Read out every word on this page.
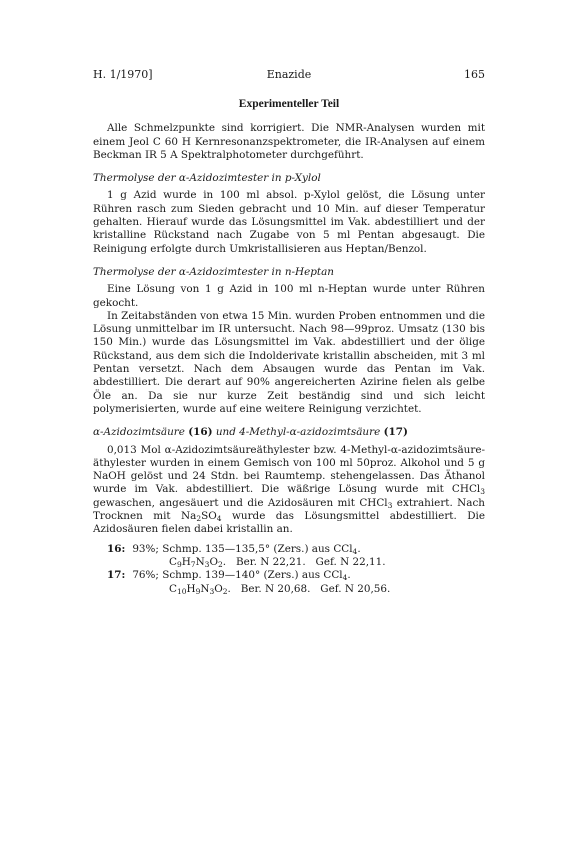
H. 1/1970]	Enazide	165
Experimenteller Teil

Alle Schmelzpunkte sind korrigiert. Die NMR-Analysen wurden mit einem Jeol C 60 H Kernresonanzspektrometer, die IR-Analysen auf einem Beckman IR 5 A Spektralphotometer durchgeführt.

Thermolyse der α-Azidozimtester in p-Xylol

1 g Azid wurde in 100 ml absol. p-Xylol gelöst, die Lösung unter Rühren rasch zum Sieden gebracht und 10 Min. auf dieser Temperatur gehalten. Hierauf wurde das Lösungsmittel im Vak. abdestilliert und der kristalline Rückstand nach Zugabe von 5 ml Pentan abgesaugt. Die Reinigung erfolgte durch Umkristallisieren aus Heptan/Benzol.

Thermolyse der α-Azidozimtester in n-Heptan

Eine Lösung von 1 g Azid in 100 ml n-Heptan wurde unter Rühren gekocht.

In Zeitabständen von etwa 15 Min. wurden Proben entnommen und die Lösung unmittelbar im IR untersucht. Nach 98—99proz. Umsatz (130 bis 150 Min.) wurde das Lösungsmittel im Vak. abdestilliert und der ölige Rückstand, aus dem sich die Indolderivate kristallin abscheiden, mit 3 ml Pentan versetzt. Nach dem Absaugen wurde das Pentan im Vak. abdestilliert. Die derart auf 90% angereicherten Azirine fielen als gelbe Öle an. Da sie nur kurze Zeit beständig sind und sich leicht polymerisierten, wurde auf eine weitere Reinigung verzichtet.

α-Azidozimtsäure (16) und 4-Methyl-α-azidozimtsäure (17)

0,013 Mol α-Azidozimtsäureäthylester bzw. 4-Methyl-α-azidozimtsäure-äthylester wurden in einem Gemisch von 100 ml 50proz. Alkohol und 5 g NaOH gelöst und 24 Stdn. bei Raumtemp. stehengelassen. Das Äthanol wurde im Vak. abdestilliert. Die wäßrige Lösung wurde mit CHCl$_3$ gewaschen, angesäuert und die Azidosäuren mit CHCl$_3$ extrahiert. Nach Trocknen mit $Na_2SO_4$ wurde das Lösungsmittel abdestilliert. Die Azidosäuren fielen dabei kristallin an.

16: 93%; Schmp. 135—135,5° (Zers.) aus CCl$_4$.
$C_9H_7N_3O_2$.   Ber. N 22,21.   Gef. N 22,11.
17: 76%; Schmp. 139—140° (Zers.) aus CCl$_4$.
$C_{10}H_9N_3O_2$.   Ber. N 20,68.   Gef. N 20,56.
